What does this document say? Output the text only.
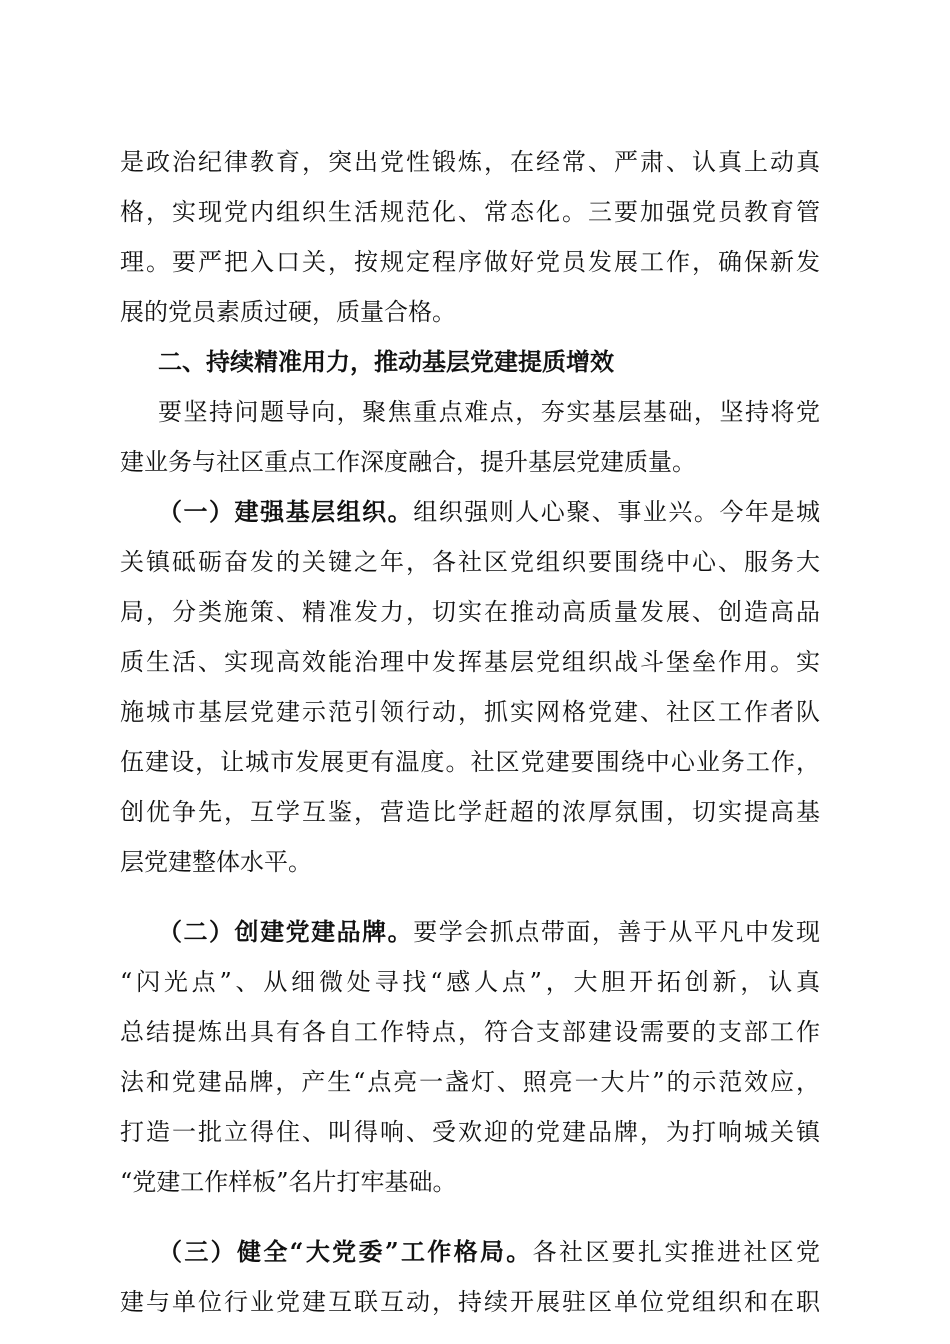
是政治纪律教育，突出党性锻炼，在经常、严肃、认真上动真
格，实现党内组织生活规范化、常态化。三要加强党员教育管
理。要严把入口关，按规定程序做好党员发展工作，确保新发
展的党员素质过硬，质量合格。
二、持续精准用力，推动基层党建提质增效
要坚持问题导向，聚焦重点难点，夯实基层基础，坚持将党
建业务与社区重点工作深度融合，提升基层党建质量。
（一）建强基层组织。组织强则人心聚、事业兴。今年是城
关镇砥砺奋发的关键之年，各社区党组织要围绕中心、服务大
局，分类施策、精准发力，切实在推动高质量发展、创造高品
质生活、实现高效能治理中发挥基层党组织战斗堡垒作用。实
施城市基层党建示范引领行动，抓实网格党建、社区工作者队
伍建设，让城市发展更有温度。社区党建要围绕中心业务工作，
创优争先，互学互鉴，营造比学赶超的浓厚氛围，切实提高基
层党建整体水平。
（二）创建党建品牌。要学会抓点带面，善于从平凡中发现
“闪光点”、从细微处寻找“感人点”，大胆开拓创新，认真
总结提炼出具有各自工作特点，符合支部建设需要的支部工作
法和党建品牌，产生“点亮一盏灯、照亮一大片”的示范效应，
打造一批立得住、叫得响、受欢迎的党建品牌，为打响城关镇
“党建工作样板”名片打牢基础。
（三）健全“大党委”工作格局。各社区要扎实推进社区党
建与单位行业党建互联互动，持续开展驻区单位党组织和在职
